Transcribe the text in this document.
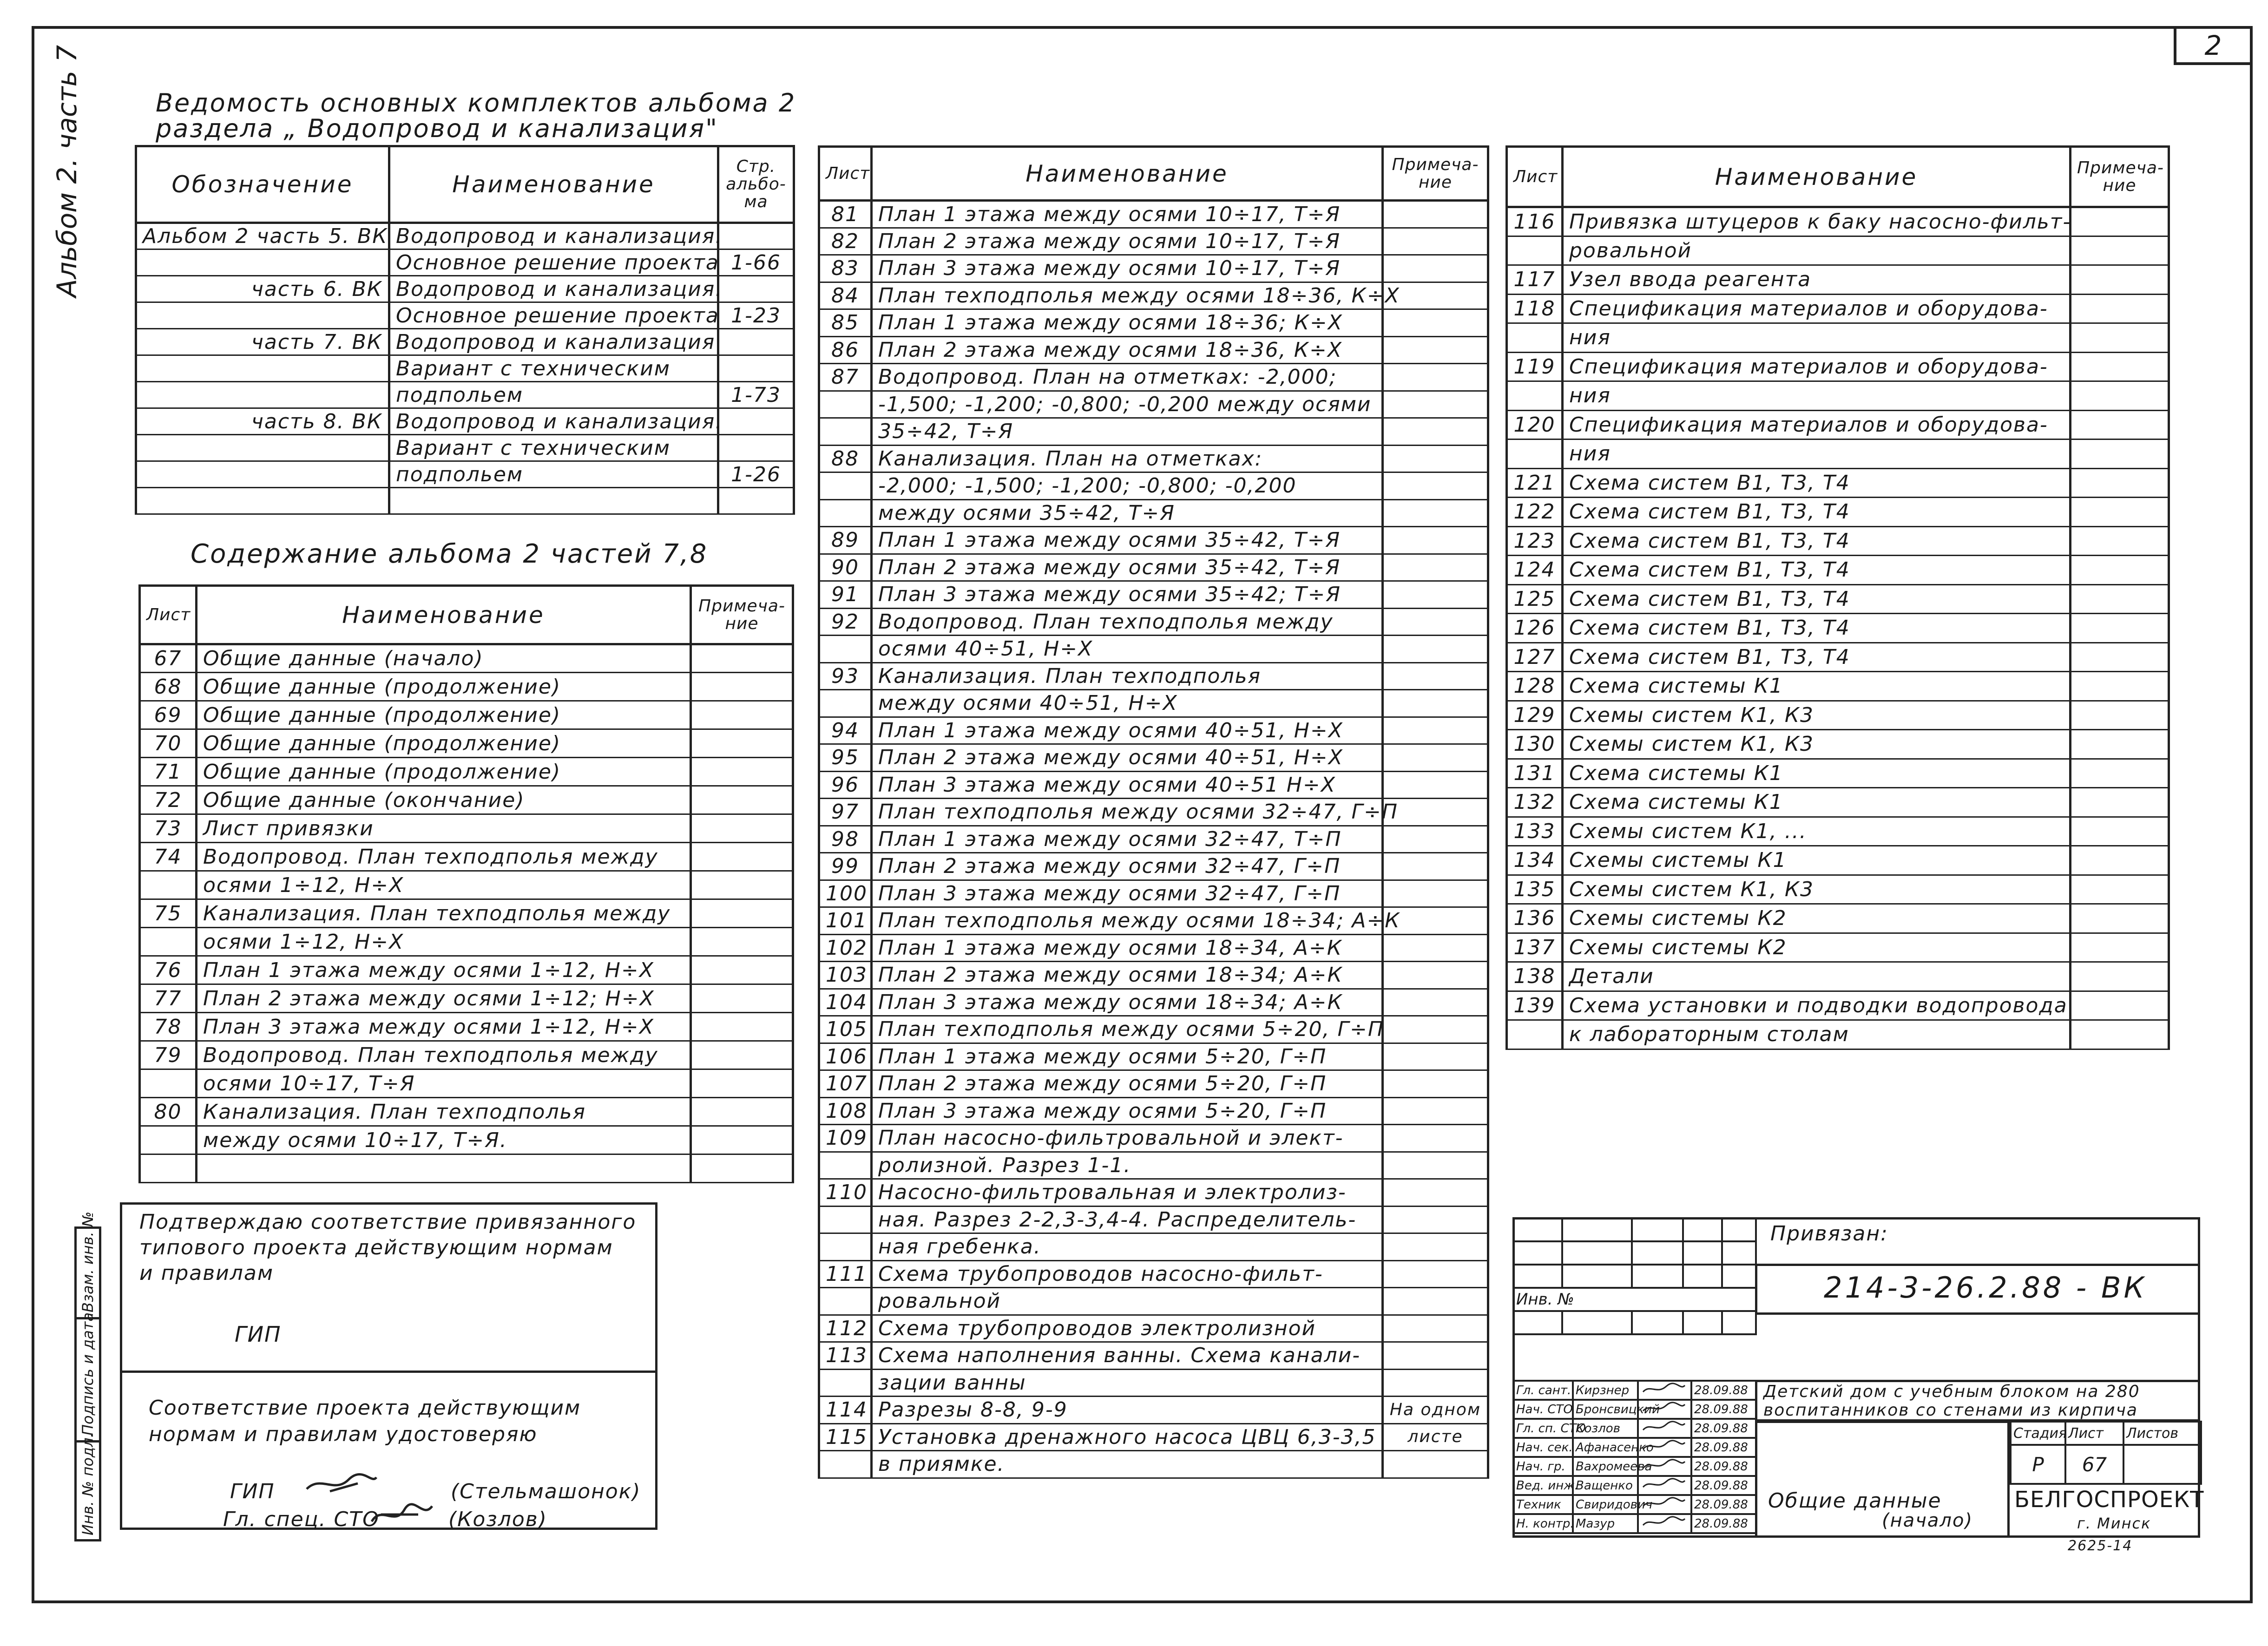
2
Альбом 2. часть 7	Ведомость основных комплектов альбома 2
раздела „ Водопровод и канализация"
Обозначение	Наименование	Стр. альбо-ма
Альбом 2 часть 5. ВК	Водопровод и канализация.	
	Основное решение проекта	1-66
часть 6. ВК	Водопровод и канализация.	
	Основное решение проекта	1-23
часть 7. ВК	Водопровод и канализация	
	Вариант с техническим	
	подпольем	1-73
часть 8. ВК	Водопровод и канализация.	
	Вариант с техническим	
	подпольем	1-26

Содержание альбома 2 частей 7,8
Лист	Наименование	Примеча-ние
67	Общие данные (начало)	
68	Общие данные (продолжение)	
69	Общие данные (продолжение)	
70	Общие данные (продолжение)	
71	Общие данные (продолжение)	
72	Общие данные (окончание)	
73	Лист привязки	
74	Водопровод. План техподполья между	
	осями 1÷12, Н÷Х	
75	Канализация. План техподполья между	
	осями 1÷12, Н÷Х	
76	План 1 этажа между осями 1÷12, Н÷Х	
77	План 2 этажа между осями 1÷12; Н÷Х	
78	План 3 этажа между осями 1÷12, Н÷Х	
79	Водопровод. План техподполья между	
	осями 10÷17, Т÷Я	
80	Канализация. План техподполья	
	между осями 10÷17, Т÷Я.	

Лист	Наименование	Примеча-ние
81	План 1 этажа между осями 10÷17, Т÷Я	
82	План 2 этажа между осями 10÷17, Т÷Я	
83	План 3 этажа между осями 10÷17, Т÷Я	
84	План техподполья между осями 18÷36, К÷Х	
85	План 1 этажа между осями 18÷36; К÷Х	
86	План 2 этажа между осями 18÷36, К÷Х	
87	Водопровод. План на отметках: -2,000;	
	-1,500; -1,200; -0,800; -0,200 между осями	
	35÷42, Т÷Я	
88	Канализация. План на отметках:	
	-2,000; -1,500; -1,200; -0,800; -0,200	
	между осями 35÷42, Т÷Я	
89	План 1 этажа между осями 35÷42, Т÷Я	
90	План 2 этажа между осями 35÷42, Т÷Я	
91	План 3 этажа между осями 35÷42; Т÷Я	
92	Водопровод. План техподполья между	
	осями 40÷51, Н÷Х	
93	Канализация. План техподполья	
	между осями 40÷51, Н÷Х	
94	План 1 этажа между осями 40÷51, Н÷Х	
95	План 2 этажа между осями 40÷51, Н÷Х	
96	План 3 этажа между осями 40÷51 Н÷Х	
97	План техподполья между осями 32÷47, Г÷П	
98	План 1 этажа между осями 32÷47, Т÷П	
99	План 2 этажа между осями 32÷47, Г÷П	
100	План 3 этажа между осями 32÷47, Г÷П	
101	План техподполья между осями 18÷34; А÷К	
102	План 1 этажа между осями 18÷34, А÷К	
103	План 2 этажа между осями 18÷34; А÷К	
104	План 3 этажа между осями 18÷34; А÷К	
105	План техподполья между осями 5÷20, Г÷П	
106	План 1 этажа между осями 5÷20, Г÷П	
107	План 2 этажа между осями 5÷20, Г÷П	
108	План 3 этажа между осями 5÷20, Г÷П	
109	План насосно-фильтровальной и элект-	
	ролизной. Разрез 1-1.	
110	Насосно-фильтровальная и электролиз-	
	ная. Разрез 2-2,3-3,4-4. Распределитель-	
	ная гребенка.	
111	Схема трубопроводов насосно-фильт-	
	ровальной	
112	Схема трубопроводов электролизной	
113	Схема наполнения ванны. Схема канали-	
	зации ванны	
114	Разрезы 8-8, 9-9	На одном
115	Установка дренажного насоса ЦВЦ 6,3-3,5	листе
	в приямке.	
Лист	Наименование	Примеча-ние
116	Привязка штуцеров к баку насосно-фильт-	
	ровальной	
117	Узел ввода реагента	
118	Спецификация материалов и оборудова-	
	ния	
119	Спецификация материалов и оборудова-	
	ния	
120	Спецификация материалов и оборудова-	
	ния	
121	Схема систем В1, Т3, Т4	
122	Схема систем В1, Т3, Т4	
123	Схема систем В1, Т3, Т4	
124	Схема систем В1, Т3, Т4	
125	Схема систем В1, Т3, Т4	
126	Схема систем В1, Т3, Т4	
127	Схема систем В1, Т3, Т4	
128	Схема системы К1	
129	Схемы систем К1, К3	
130	Схемы систем К1, К3	
131	Схема системы К1	
132	Схема системы К1	
133	Схемы систем К1, ...	
134	Схемы системы К1	
135	Схемы систем К1, К3	
136	Схемы системы К2	
137	Схемы системы К2	
138	Детали	
139	Схема установки и подводки водопровода	
	к лабораторным столам	
Подтверждаю соответствие привязанного
типового проекта действующим нормам
и правилам
ГИП
Соответствие проекта действующим
нормам и правилам удостоверяю
ГИП	(Стельмашонок)
Гл. спец. СТО	(Козлов)
Инв. № подл.
Подпись и дата
Взам. инв. №

					Инв. №				

Привязан:
214-3-26.2.88 - ВК
Гл. сант.	Кирзнер		28.09.88
Нач. СТО	Бронсвицкий		28.09.88
Гл. сп. СТО	Козлов		28.09.88
Нач. сек.	Афанасенко		28.09.88
Нач. гр.	Вахромеева		28.09.88
Вед. инж.	Ващенко		28.09.88
Техник	Свиридович		28.09.88
Н. контр.	Мазур		28.09.88
Детский дом с учебным блоком на 280
воспитанников со стенами из кирпича
Стадия	Лист	Листов
Р	67	
Общие данные
(начало)
БЕЛГОСПРОЕКТ
г. Минск
2625-14
